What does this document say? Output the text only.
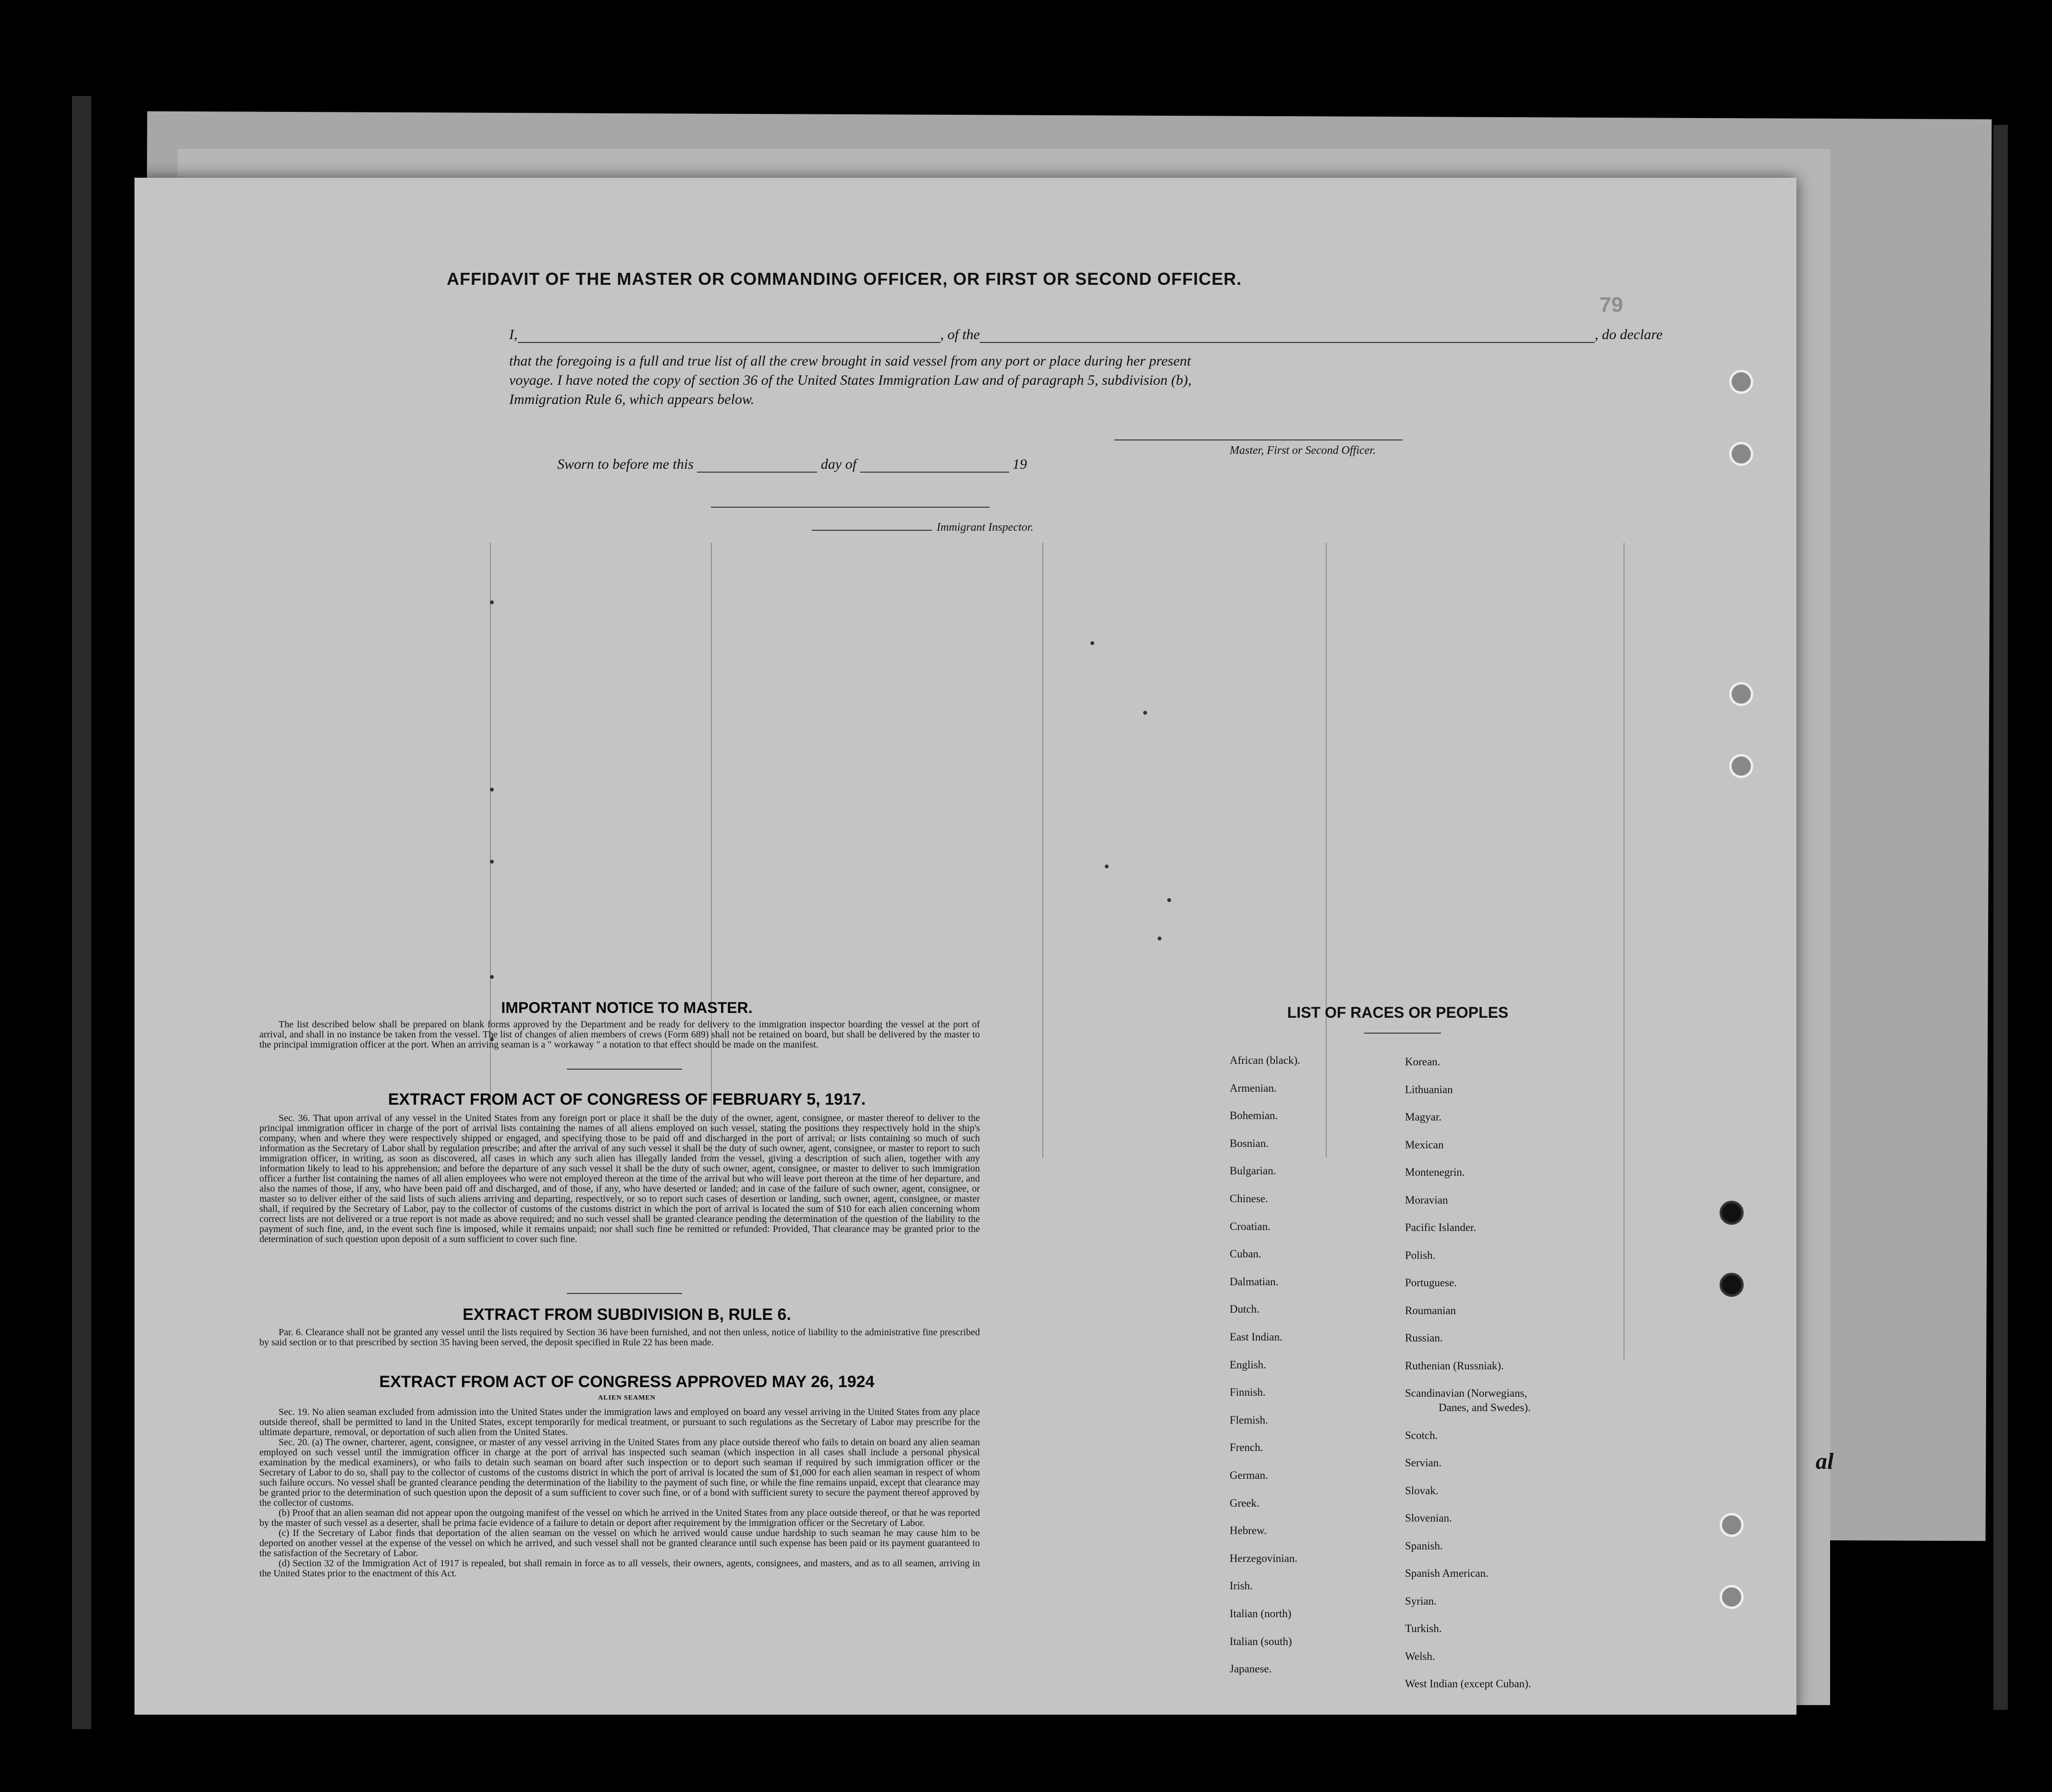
79
al
AFFIDAVIT OF THE MASTER OR COMMANDING OFFICER, OR FIRST OR SECOND OFFICER.
I,	, of the	, do declare
that the foregoing is a full and true list of all the crew brought in said vessel from any port or place during her present
voyage. I have noted the copy of section 36 of the United States Immigration Law and of paragraph 5, subdivision (b),
Immigration Rule 6, which appears below.
Master, First or Second Officer.
Sworn to before me this	day of	19
Immigrant Inspector.
IMPORTANT NOTICE TO MASTER.

The list described below shall be prepared on blank forms approved by the Department and be ready for delivery to the immigration inspector boarding the vessel at the port of arrival, and shall in no instance be taken from the vessel. The list of changes of alien members of crews (Form 689) shall not be retained on board, but shall be delivered by the master to the principal immigration officer at the port. When an arriving seaman is a " workaway " a notation to that effect should be made on the manifest.

EXTRACT FROM ACT OF CONGRESS OF FEBRUARY 5, 1917.

Sec. 36. That upon arrival of any vessel in the United States from any foreign port or place it shall be the duty of the owner, agent, consignee, or master thereof to deliver to the principal immigration officer in charge of the port of arrival lists containing the names of all aliens employed on such vessel, stating the positions they respectively hold in the ship's company, when and where they were respectively shipped or engaged, and specifying those to be paid off and discharged in the port of arrival; or lists containing so much of such information as the Secretary of Labor shall by regulation prescribe; and after the arrival of any such vessel it shall be the duty of such owner, agent, consignee, or master to report to such immigration officer, in writing, as soon as discovered, all cases in which any such alien has illegally landed from the vessel, giving a description of such alien, together with any information likely to lead to his apprehension; and before the departure of any such vessel it shall be the duty of such owner, agent, consignee, or master to deliver to such immigration officer a further list containing the names of all alien employees who were not employed thereon at the time of the arrival but who will leave port thereon at the time of her departure, and also the names of those, if any, who have been paid off and discharged, and of those, if any, who have deserted or landed; and in case of the failure of such owner, agent, consignee, or master so to deliver either of the said lists of such aliens arriving and departing, respectively, or so to report such cases of desertion or landing, such owner, agent, consignee, or master shall, if required by the Secretary of Labor, pay to the collector of customs of the customs district in which the port of arrival is located the sum of $10 for each alien concerning whom correct lists are not delivered or a true report is not made as above required; and no such vessel shall be granted clearance pending the determination of the question of the liability to the payment of such fine, and, in the event such fine is imposed, while it remains unpaid; nor shall such fine be remitted or refunded: Provided, That clearance may be granted prior to the determination of such question upon deposit of a sum sufficient to cover such fine.

EXTRACT FROM SUBDIVISION B, RULE 6.

Par. 6. Clearance shall not be granted any vessel until the lists required by Section 36 have been furnished, and not then unless, notice of liability to the administrative fine prescribed by said section or to that prescribed by section 35 having been served, the deposit specified in Rule 22 has been made.

EXTRACT FROM ACT OF CONGRESS APPROVED MAY 26, 1924
ALIEN SEAMEN

Sec. 19. No alien seaman excluded from admission into the United States under the immigration laws and employed on board any vessel arriving in the United States from any place outside thereof, shall be permitted to land in the United States, except temporarily for medical treatment, or pursuant to such regulations as the Secretary of Labor may prescribe for the ultimate departure, removal, or deportation of such alien from the United States.

Sec. 20. (a) The owner, charterer, agent, consignee, or master of any vessel arriving in the United States from any place outside thereof who fails to detain on board any alien seaman employed on such vessel until the immigration officer in charge at the port of arrival has inspected such seaman (which inspection in all cases shall include a personal physical examination by the medical examiners), or who fails to detain such seaman on board after such inspection or to deport such seaman if required by such immigration officer or the Secretary of Labor to do so, shall pay to the collector of customs of the customs district in which the port of arrival is located the sum of $1,000 for each alien seaman in respect of whom such failure occurs. No vessel shall be granted clearance pending the determination of the liability to the payment of such fine, or while the fine remains unpaid, except that clearance may be granted prior to the determination of such question upon the deposit of a sum sufficient to cover such fine, or of a bond with sufficient surety to secure the payment thereof approved by the collector of customs.

(b) Proof that an alien seaman did not appear upon the outgoing manifest of the vessel on which he arrived in the United States from any place outside thereof, or that he was reported by the master of such vessel as a deserter, shall be prima facie evidence of a failure to detain or deport after requirement by the immigration officer or the Secretary of Labor.

(c) If the Secretary of Labor finds that deportation of the alien seaman on the vessel on which he arrived would cause undue hardship to such seaman he may cause him to be deported on another vessel at the expense of the vessel on which he arrived, and such vessel shall not be granted clearance until such expense has been paid or its payment guaranteed to the satisfaction of the Secretary of Labor.

(d) Section 32 of the Immigration Act of 1917 is repealed, but shall remain in force as to all vessels, their owners, agents, consignees, and masters, and as to all seamen, arriving in the United States prior to the enactment of this Act.

LIST OF RACES OR PEOPLES
African (black).
Armenian.
Bohemian.
Bosnian.
Bulgarian.
Chinese.
Croatian.
Cuban.
Dalmatian.
Dutch.
East Indian.
English.
Finnish.
Flemish.
French.
German.
Greek.
Hebrew.
Herzegovinian.
Irish.
Italian (north)
Italian (south)
Japanese.
Korean.
Lithuanian
Magyar.
Mexican
Montenegrin.
Moravian
Pacific Islander.
Polish.
Portuguese.
Roumanian
Russian.
Ruthenian (Russniak).
Scandinavian (Norwegians,
Danes, and Swedes).
Scotch.
Servian.
Slovak.
Slovenian.
Spanish.
Spanish American.
Syrian.
Turkish.
Welsh.
West Indian (except Cuban).
